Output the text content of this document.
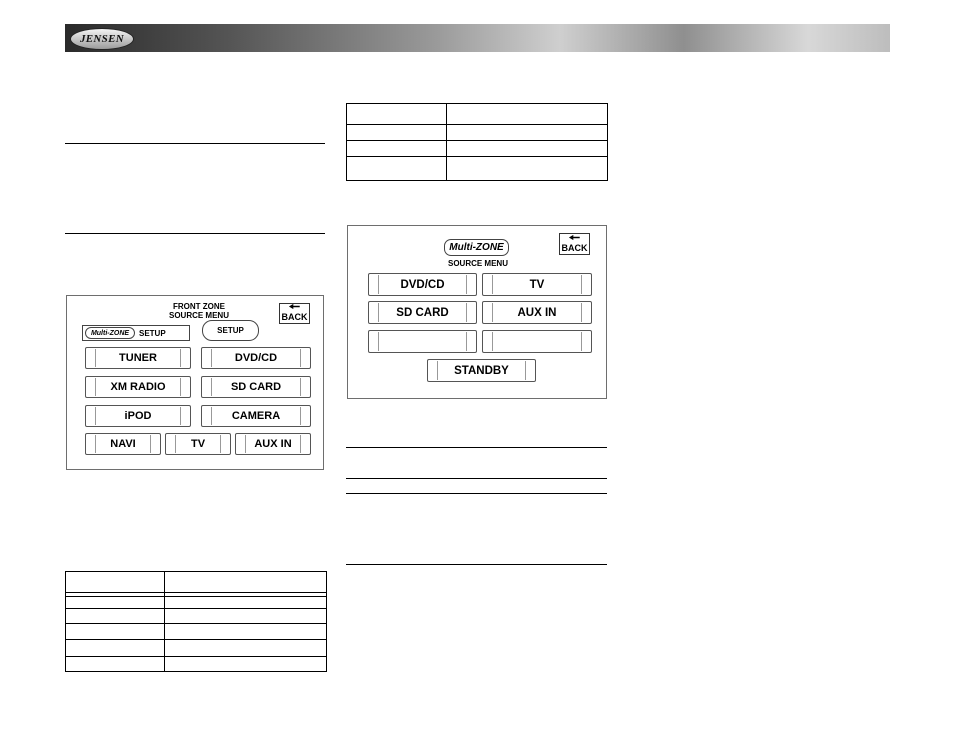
JENSEN
FRONT ZONE
SOURCE MENU
🠔
BACK
Multi-ZONE	SETUP	SETUP
TUNER	DVD/CD
XM RADIO	SD CARD
iPOD	CAMERA
NAVI	TV	AUX IN
Multi-ZONE
SOURCE MENU
🠔
BACK
DVD/CD	TV
SD CARD	AUX IN
STANDBY
